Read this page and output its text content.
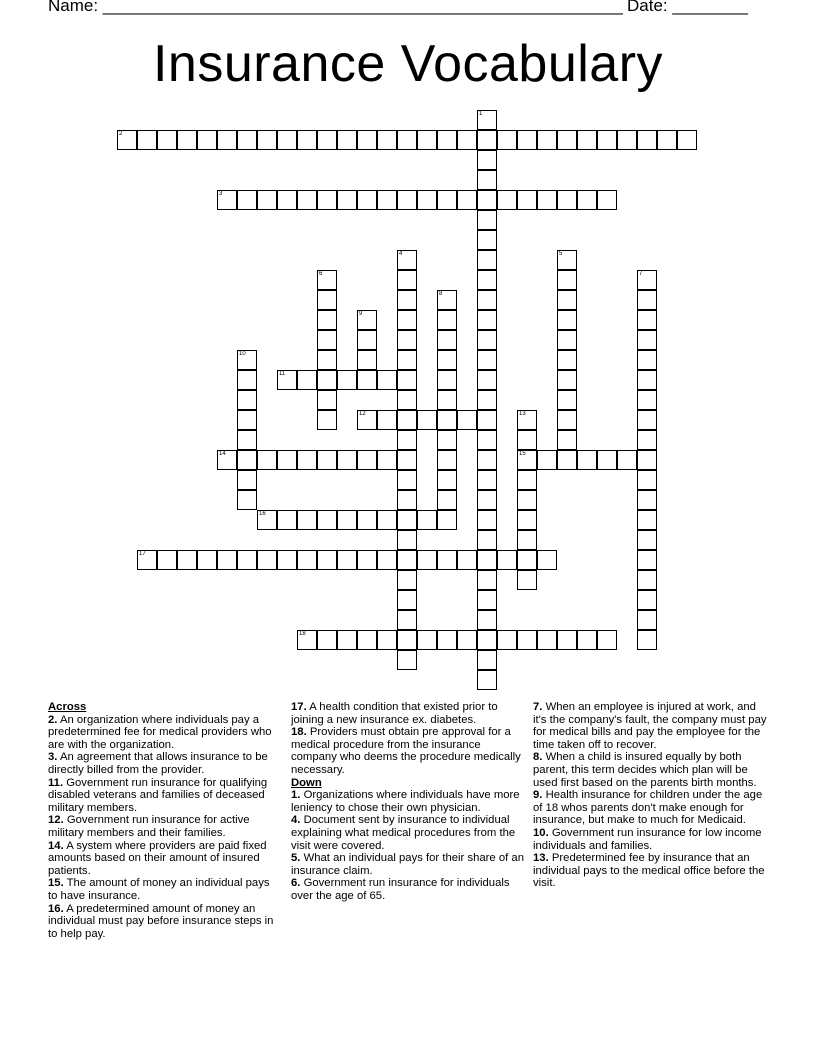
Name: _______________________________________________________ Date: ________
Insurance Vocabulary
1
2
3
4	5
6	7
8
9
10
11
12	13
15
14
16
17
18
Across
2. An organization where individuals pay a predetermined fee for medical providers who are with the organization.
3. An agreement that allows insurance to be directly billed from the provider.
11. Government run insurance for qualifying disabled veterans and families of deceased military members.
12. Government run insurance for active military members and their families.
14. A system where providers are paid fixed amounts based on their amount of insured patients.
15. The amount of money an individual pays to have insurance.
16. A predetermined amount of money an individual must pay before insurance steps in to help pay.
17. A health condition that existed prior to joining a new insurance ex. diabetes.
18. Providers must obtain pre approval for a medical procedure from the insurance company who deems the procedure medically necessary.
Down
1. Organizations where individuals have more leniency to chose their own physician.
4. Document sent by insurance to individual explaining what medical procedures from the visit were covered.
5. What an individual pays for their share of an insurance claim.
6. Government run insurance for individuals over the age of 65.
7. When an employee is injured at work, and it's the company's fault, the company must pay for medical bills and pay the employee for the time taken off to recover.
8. When a child is insured equally by both parent, this term decides which plan will be used first based on the parents birth months.
9. Health insurance for children under the age of 18 whos parents don't make enough for insurance, but make to much for Medicaid.
10. Government run insurance for low income individuals and families.
13. Predetermined fee by insurance that an individual pays to the medical office before the visit.
